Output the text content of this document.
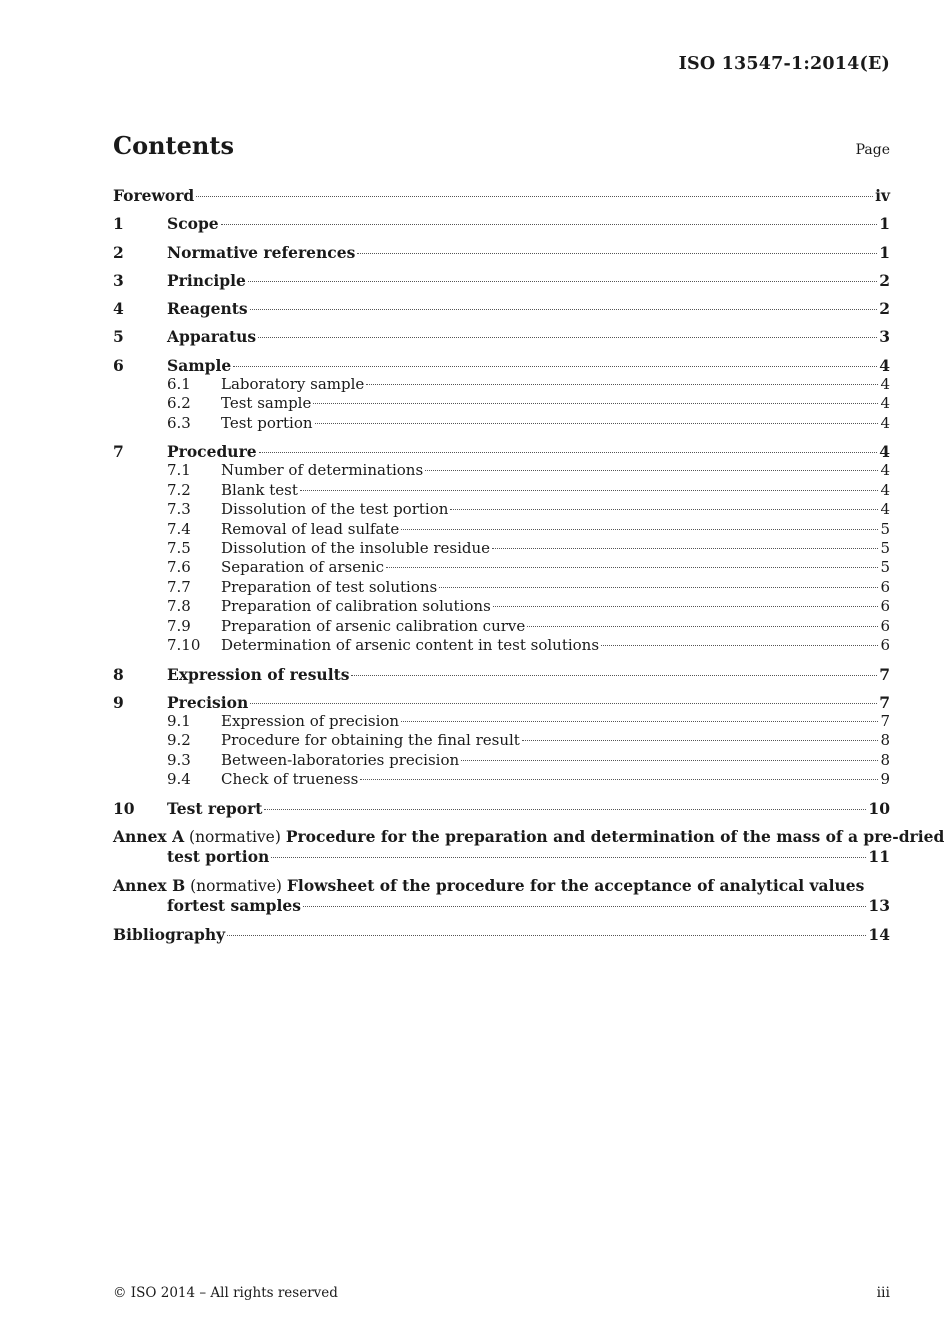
ISO 13547-1:2014(E)
Contents	Page
Foreword	iv
1	Scope	1
2	Normative references	1
3	Principle	2
4	Reagents	2
5	Apparatus	3
6	Sample	4
6.1	Laboratory sample	4
6.2	Test sample	4
6.3	Test portion	4
7	Procedure	4
7.1	Number of determinations	4
7.2	Blank test	4
7.3	Dissolution of the test portion	4
7.4	Removal of lead sulfate	5
7.5	Dissolution of the insoluble residue	5
7.6	Separation of arsenic	5
7.7	Preparation of test solutions	6
7.8	Preparation of calibration solutions	6
7.9	Preparation of arsenic calibration curve	6
7.10	Determination of arsenic content in test solutions	6
8	Expression of results	7
9	Precision	7
9.1	Expression of precision	7
9.2	Procedure for obtaining the final result	8
9.3	Between-laboratories precision	8
9.4	Check of trueness	9
10	Test report	10
Annex A (normative) Procedure for the preparation and determination of the mass of a pre-dried
test portion	11
Annex B (normative) Flowsheet of the procedure for the acceptance of analytical values
fortest samples	13
Bibliography	14
© ISO 2014 – All rights reserved	iii
